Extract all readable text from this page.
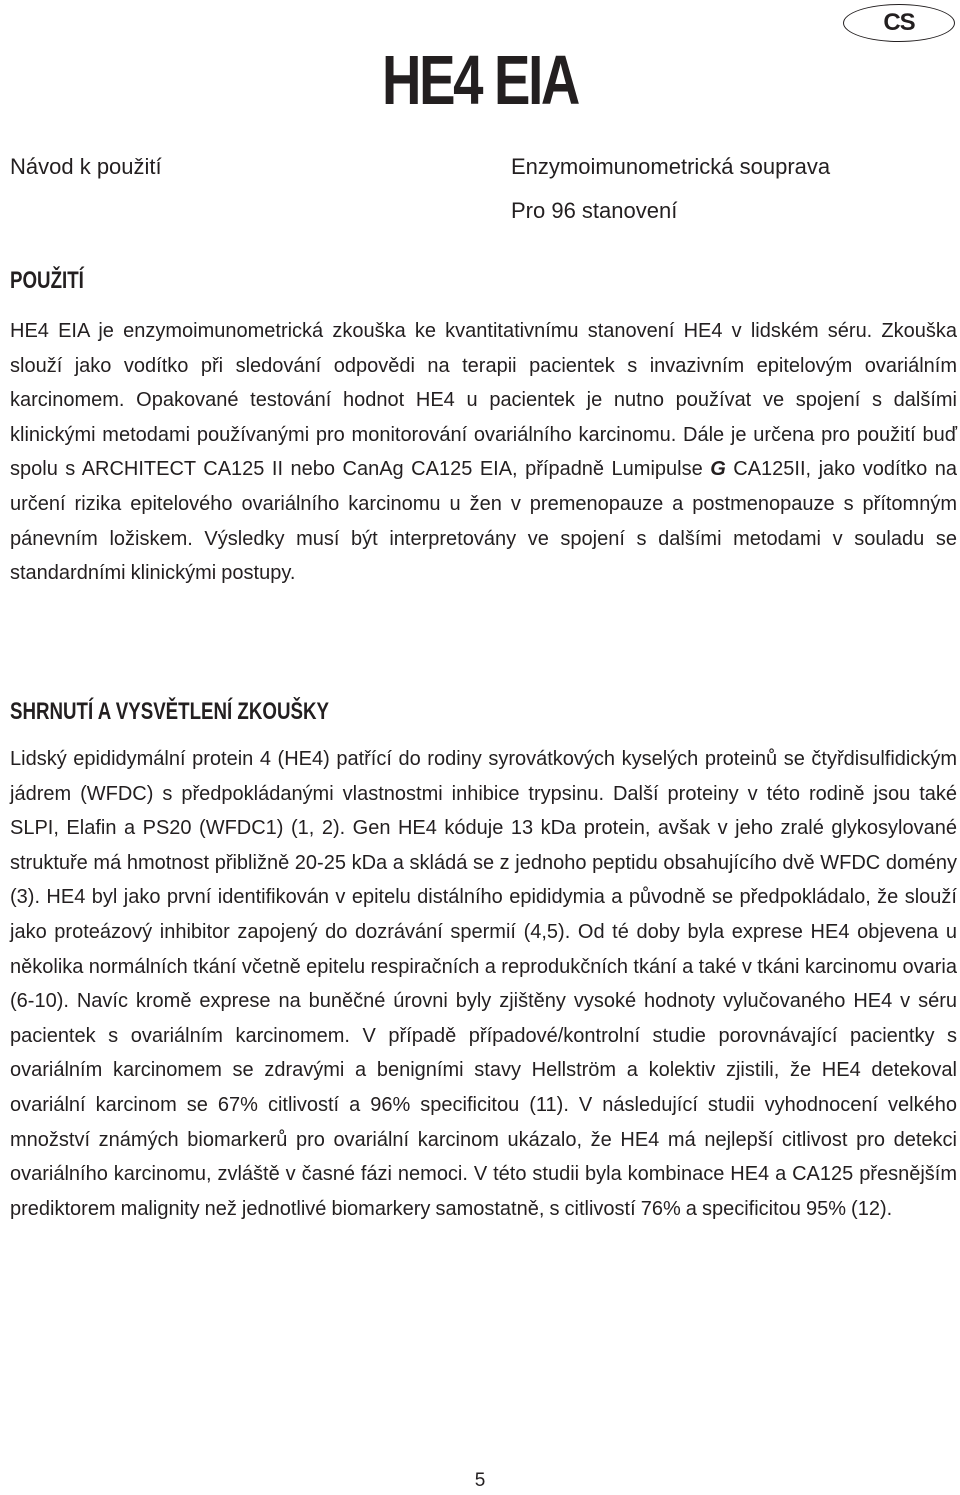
CS
HE4 EIA

Návod k použití	Enzymoimunometrická souprava

Pro 96 stanovení

POUŽITÍ

HE4 EIA je enzymoimunometrická zkouška ke kvantitativnímu stanovení HE4 v lidském séru. Zkouška slouží jako vodítko při sledování odpovědi na terapii pacientek s invazivním epitelovým ovariálním karcinomem. Opakované testování hodnot HE4 u pacientek je nutno používat ve spojení s dalšími klinickými metodami používanými pro monitorování ovariálního karcinomu. Dále je určena pro použití buď spolu s ARCHITECT CA125 II nebo CanAg CA125 EIA, případně Lumipulse G CA125II, jako vodítko na určení rizika epitelového ovariálního karcinomu u žen v premenopauze a postmenopauze s přítomným pánevním ložiskem. Výsledky musí být interpretovány ve spojení s dalšími metodami v souladu se standardními klinickými postupy.

SHRNUTÍ A VYSVĚTLENÍ ZKOUŠKY

Lidský epididymální protein 4 (HE4) patřící do rodiny syrovátkových kyselých proteinů se čtyřdisulfidickým jádrem (WFDC) s předpokládanými vlastnostmi inhibice trypsinu. Další proteiny v této rodině jsou také SLPI, Elafin a PS20 (WFDC1) (1, 2). Gen HE4 kóduje 13 kDa protein, avšak v jeho zralé glykosylované struktuře má hmotnost přibližně 20-25 kDa a skládá se z jednoho peptidu obsahujícího dvě WFDC domény (3). HE4 byl jako první identifikován v epitelu distálního epididymia a původně se předpokládalo, že slouží jako proteázový inhibitor zapojený do dozrávání spermií (4,5). Od té doby byla exprese HE4 objevena u několika normálních tkání včetně epitelu respiračních a reprodukčních tkání a také v tkáni karcinomu ovaria (6-10). Navíc kromě exprese na buněčné úrovni byly zjištěny vysoké hodnoty vylučovaného HE4 v séru pacientek s ovariálním karcinomem. V případě případové/kontrolní studie porovnávající pacientky s ovariálním karcinomem se zdravými a benigními stavy Hellström a kolektiv zjistili, že HE4 detekoval ovariální karcinom se 67% citlivostí a 96% specificitou (11). V následující studii vyhodnocení velkého množství známých biomarkerů pro ovariální karcinom ukázalo, že HE4 má nejlepší citlivost pro detekci ovariálního karcinomu, zvláště v časné fázi nemoci. V této studii byla kombinace HE4 a CA125 přesnějším prediktorem malignity než jednotlivé biomarkery samostatně, s citlivostí 76% a specificitou 95% (12).

5
